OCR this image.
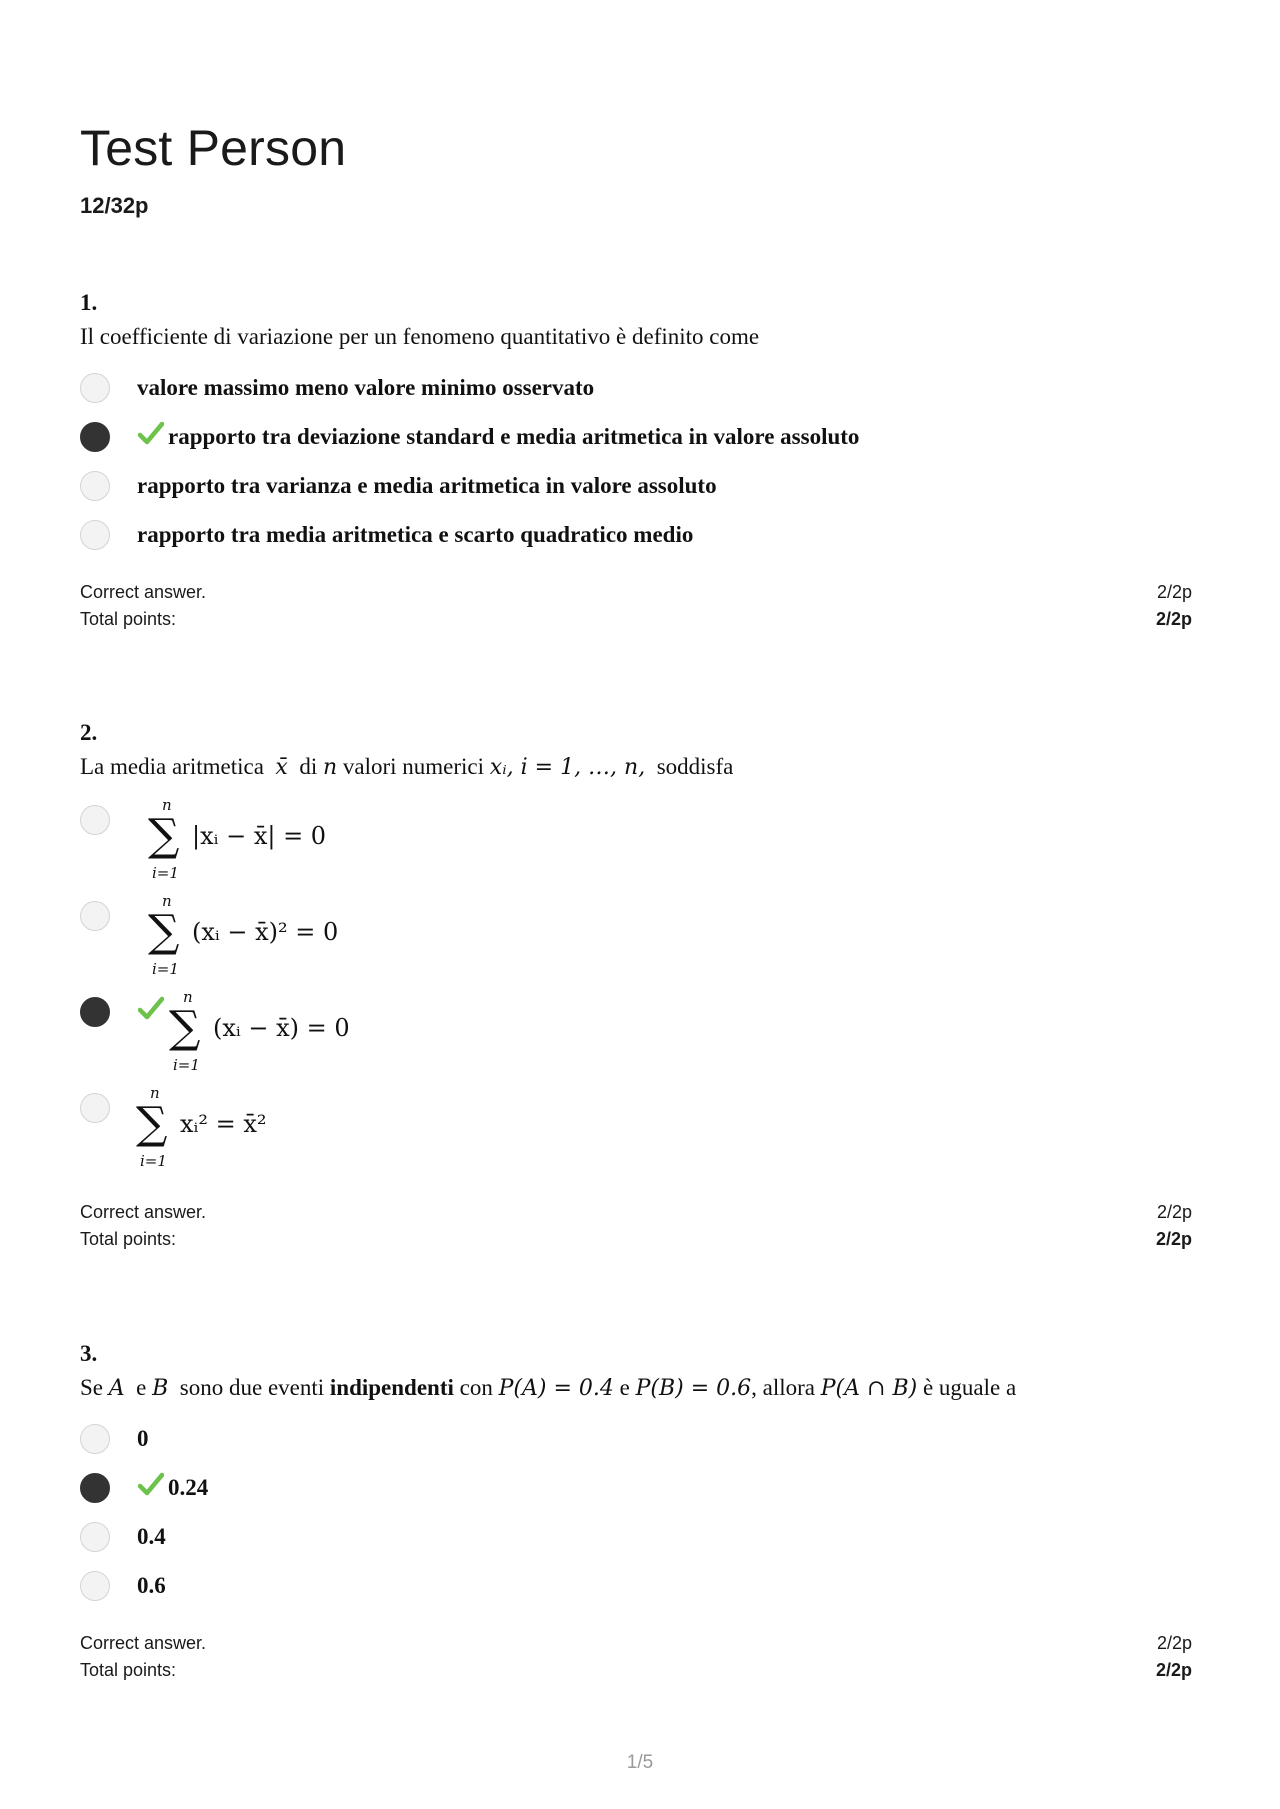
Test Person
12/32p
1.
Il coefficiente di variazione per un fenomeno quantitativo è definito come
valore massimo meno valore minimo osservato
rapporto tra deviazione standard e media aritmetica in valore assoluto
rapporto tra varianza e media aritmetica in valore assoluto
rapporto tra media aritmetica e scarto quadratico medio
Correct answer.	2/2p
Total points:	2/2p
2.
La media aritmetica x̄ di n valori numerici xᵢ, i = 1, …, n, soddisfa
n
∑
i=1
|xᵢ − x̄| = 0
n
∑
i=1
(xᵢ − x̄)² = 0
n
∑
i=1
(xᵢ − x̄) = 0
n
∑
i=1
xᵢ² = x̄²
Correct answer.	2/2p
Total points:	2/2p
3.
Se A e B sono due eventi indipendenti con P(A) = 0.4 e P(B) = 0.6, allora P(A ∩ B) è uguale a
0
0.24
0.4
0.6
Correct answer.	2/2p
Total points:	2/2p
1/5
